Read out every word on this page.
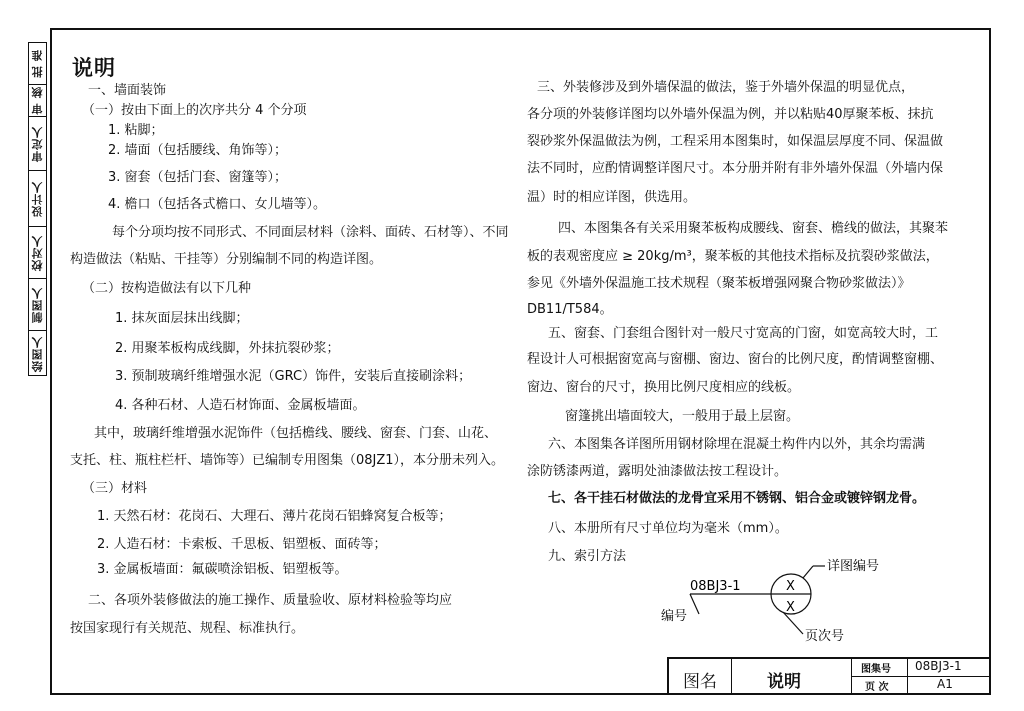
批 准
审 核
审定人
设计人
校对人
制图人
绘图人
说明
一、墙面装饰
（一）按由下面上的次序共分 4 个分项
1. 粘脚；
2. 墙面（包括腰线、角饰等）；
3. 窗套（包括门套、窗篷等）；
4. 檐口（包括各式檐口、女儿墙等）。
每个分项均按不同形式、不同面层材料（涂料、面砖、石材等）、不同
构造做法（粘贴、干挂等）分别编制不同的构造详图。
（二）按构造做法有以下几种
1. 抹灰面层抹出线脚；
2. 用聚苯板构成线脚，外抹抗裂砂浆；
3. 预制玻璃纤维增强水泥（GRC）饰件，安装后直接刷涂料；
4. 各种石材、人造石材饰面、金属板墙面。
其中，玻璃纤维增强水泥饰件（包括檐线、腰线、窗套、门套、山花、
支托、柱、瓶柱栏杆、墙饰等）已编制专用图集（08JZ1），本分册未列入。
（三）材料
1. 天然石材：花岗石、大理石、薄片花岗石铝蜂窝复合板等；
2. 人造石材：卡索板、千思板、铝塑板、面砖等；
3. 金属板墙面：氟碳喷涂铝板、铝塑板等。
二、各项外装修做法的施工操作、质量验收、原材料检验等均应
按国家现行有关规范、规程、标准执行。
三、外装修涉及到外墙保温的做法，鉴于外墙外保温的明显优点，
各分项的外装修详图均以外墙外保温为例，并以粘贴40厚聚苯板、抹抗
裂砂浆外保温做法为例，工程采用本图集时，如保温层厚度不同、保温做
法不同时，应酌情调整详图尺寸。本分册并附有非外墙外保温（外墙内保
温）时的相应详图，供选用。
四、本图集各有关采用聚苯板构成腰线、窗套、檐线的做法，其聚苯
板的表观密度应 ≥ 20kg/m³，聚苯板的其他技术指标及抗裂砂浆做法，
参见《外墙外保温施工技术规程（聚苯板增强网聚合物砂浆做法）》
DB11/T584。
五、窗套、门套组合图针对一般尺寸宽高的门窗，如宽高较大时，工
程设计人可根据窗宽高与窗棚、窗边、窗台的比例尺度，酌情调整窗棚、
窗边、窗台的尺寸，换用比例尺度相应的线板。
窗篷挑出墙面较大，一般用于最上层窗。
六、本图集各详图所用钢材除埋在混凝土构件内以外，其余均需满
涂防锈漆两道，露明处油漆做法按工程设计。
七、各干挂石材做法的龙骨宜采用不锈钢、铝合金或镀锌钢龙骨。
八、本册所有尺寸单位均为毫米（mm）。
九、索引方法
08BJ3-1	X
X
详图编号
编号
页次号
图名	说明
图集号 08BJ3-1
页 次	A1
